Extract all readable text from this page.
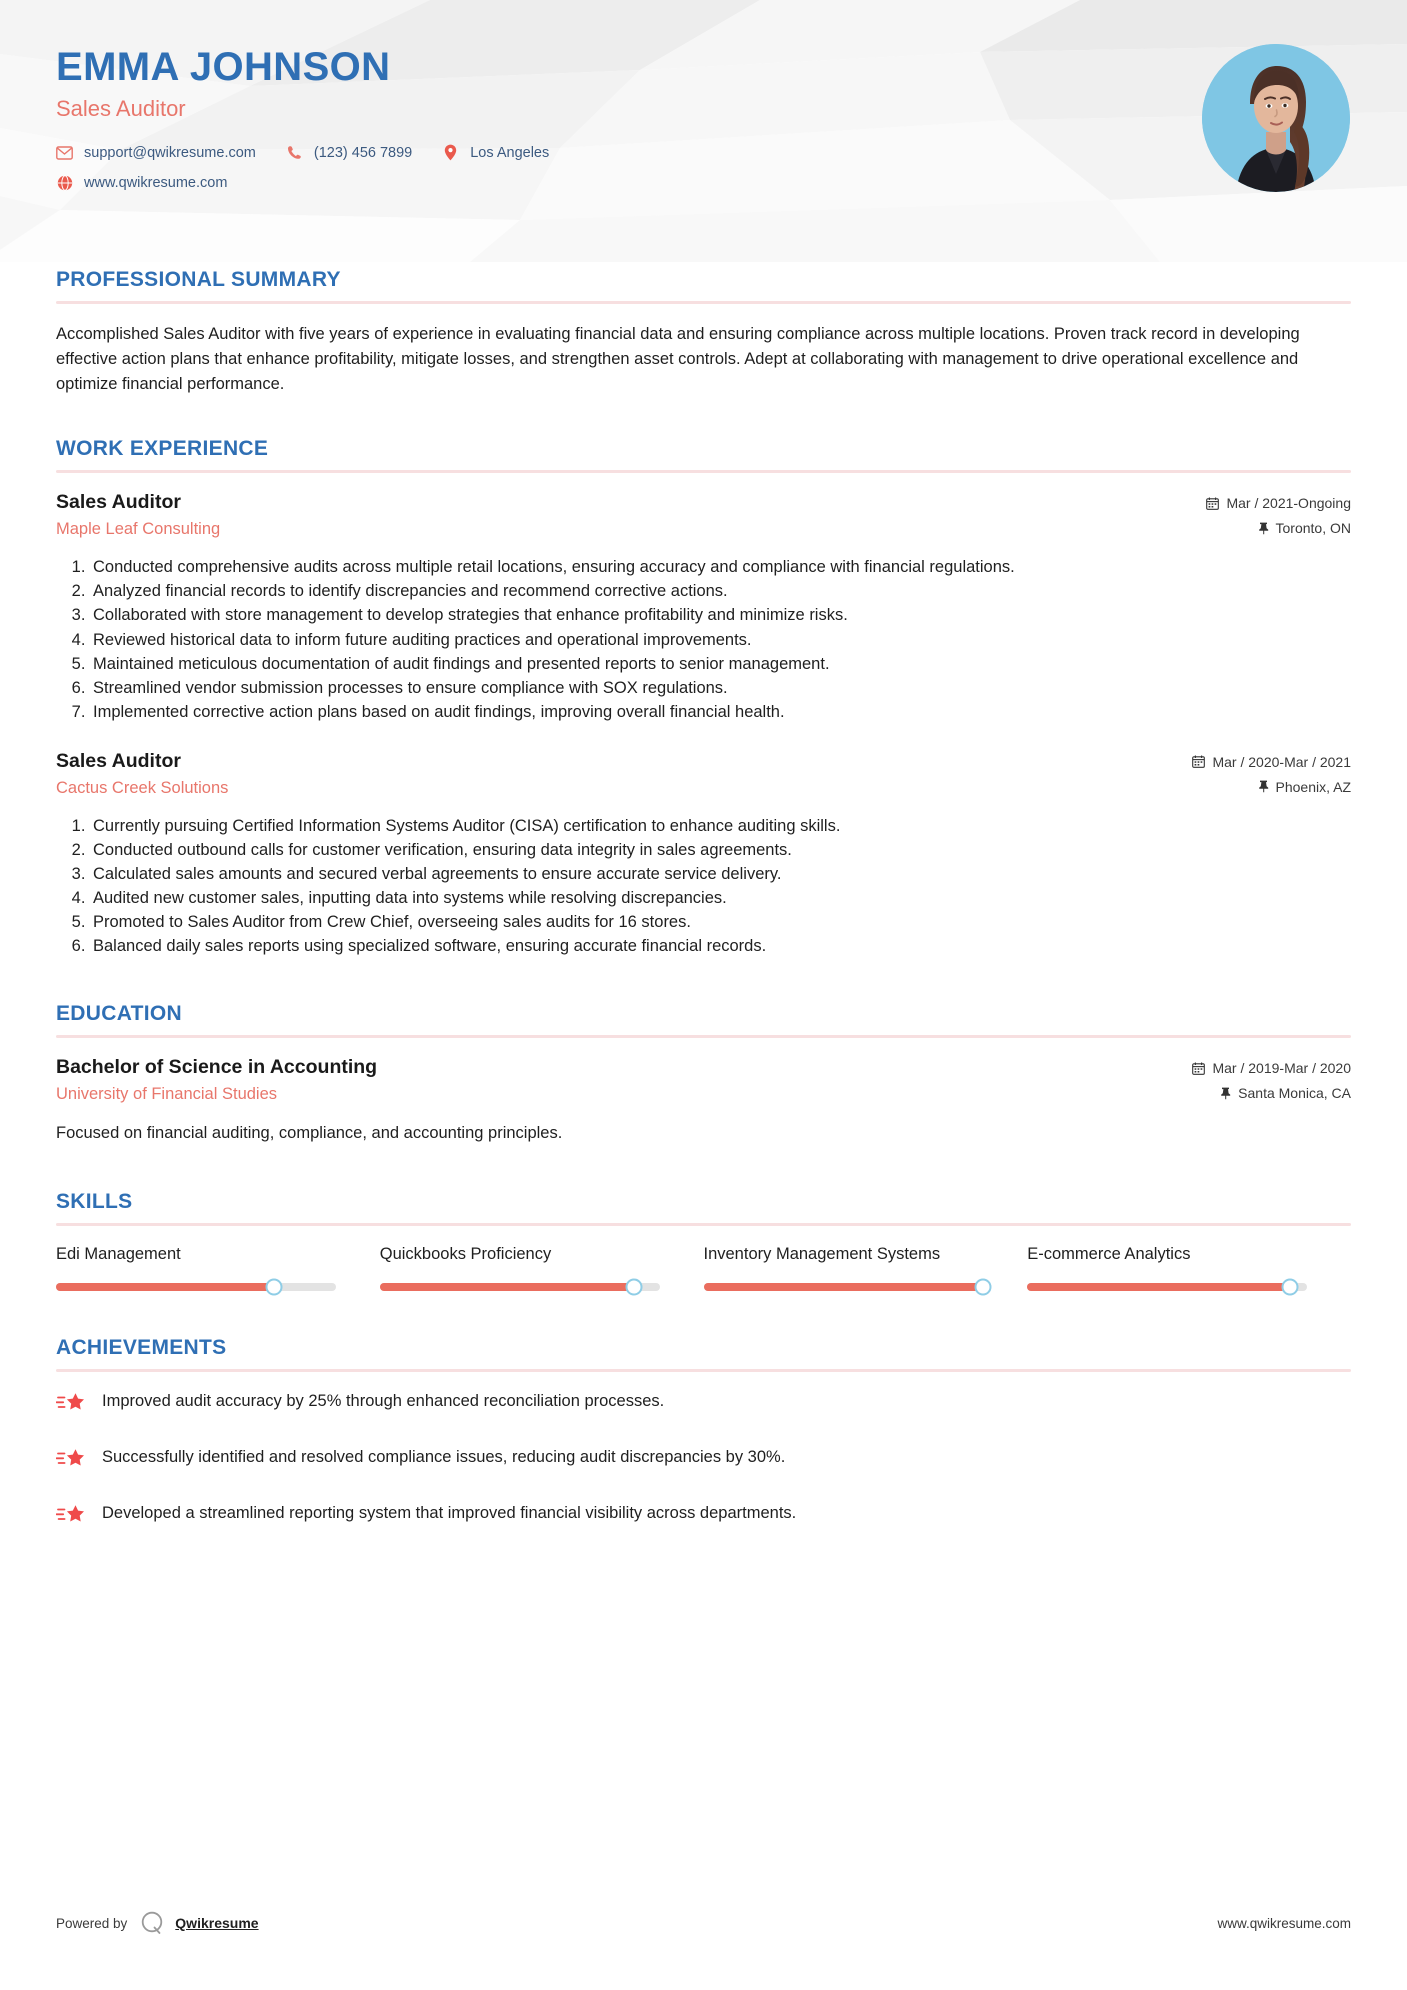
EMMA JOHNSON
Sales Auditor
support@qwikresume.com	(123) 456 7899	Los Angeles
www.qwikresume.com
PROFESSIONAL SUMMARY

Accomplished Sales Auditor with five years of experience in evaluating financial data and ensuring compliance across multiple locations. Proven track record in developing effective action plans that enhance profitability, mitigate losses, and strengthen asset controls. Adept at collaborating with management to drive operational excellence and optimize financial performance.

WORK EXPERIENCE
Sales Auditor
Maple Leaf Consulting
Mar / 2021-Ongoing
Toronto, ON
1. Conducted comprehensive audits across multiple retail locations, ensuring accuracy and compliance with financial regulations.
2. Analyzed financial records to identify discrepancies and recommend corrective actions.
3. Collaborated with store management to develop strategies that enhance profitability and minimize risks.
4. Reviewed historical data to inform future auditing practices and operational improvements.
5. Maintained meticulous documentation of audit findings and presented reports to senior management.
6. Streamlined vendor submission processes to ensure compliance with SOX regulations.
7. Implemented corrective action plans based on audit findings, improving overall financial health.
Sales Auditor
Cactus Creek Solutions
Mar / 2020-Mar / 2021
Phoenix, AZ
1. Currently pursuing Certified Information Systems Auditor (CISA) certification to enhance auditing skills.
2. Conducted outbound calls for customer verification, ensuring data integrity in sales agreements.
3. Calculated sales amounts and secured verbal agreements to ensure accurate service delivery.
4. Audited new customer sales, inputting data into systems while resolving discrepancies.
5. Promoted to Sales Auditor from Crew Chief, overseeing sales audits for 16 stores.
6. Balanced daily sales reports using specialized software, ensuring accurate financial records.
EDUCATION
Bachelor of Science in Accounting
University of Financial Studies
Mar / 2019-Mar / 2020
Santa Monica, CA

Focused on financial auditing, compliance, and accounting principles.

SKILLS
Edi Management	Quickbooks Proficiency	Inventory Management Systems	E-commerce Analytics
ACHIEVEMENTS
Improved audit accuracy by 25% through enhanced reconciliation processes.
Successfully identified and resolved compliance issues, reducing audit discrepancies by 30%.
Developed a streamlined reporting system that improved financial visibility across departments.
Powered by	Qwikresume	www.qwikresume.com
